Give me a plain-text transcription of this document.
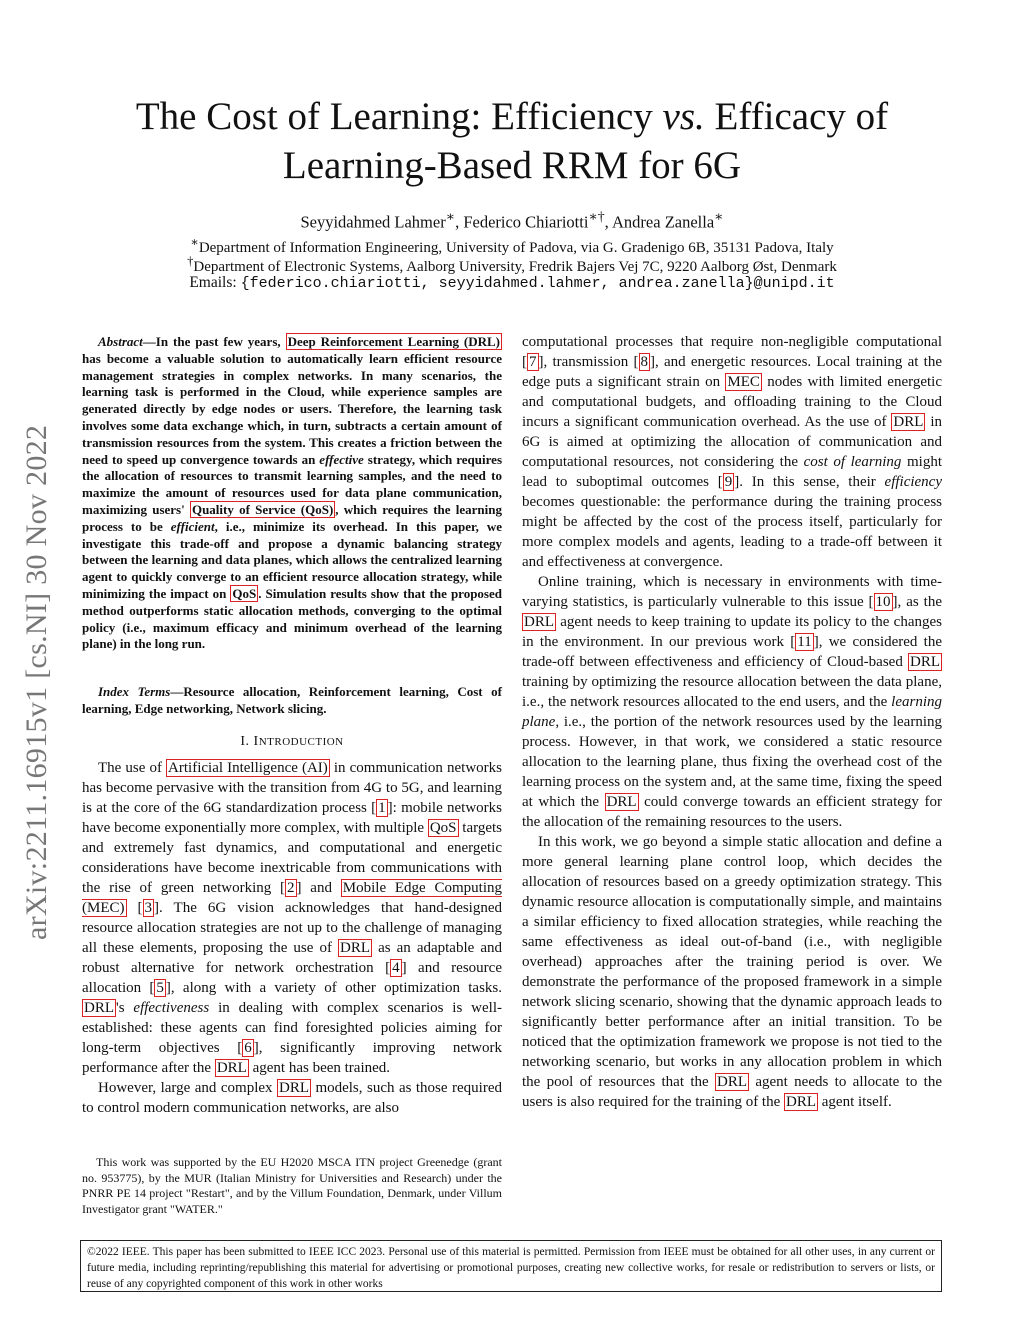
The Cost of Learning: Efficiency vs. Efficacy of
Learning-Based RRM for 6G
Seyyidahmed Lahmer∗, Federico Chiariotti∗†, Andrea Zanella∗
∗Department of Information Engineering, University of Padova, via G. Gradenigo 6B, 35131 Padova, Italy
†Department of Electronic Systems, Aalborg University, Fredrik Bajers Vej 7C, 9220 Aalborg Øst, Denmark
Emails: {federico.chiariotti, seyyidahmed.lahmer, andrea.zanella}@unipd.it
arXiv:2211.16915v1 [cs.NI] 30 Nov 2022

Abstract—In the past few years, Deep Reinforcement Learning (DRL) has become a valuable solution to automatically learn efficient resource management strategies in complex networks. In many scenarios, the learning task is performed in the Cloud, while experience samples are generated directly by edge nodes or users. Therefore, the learning task involves some data exchange which, in turn, subtracts a certain amount of transmission resources from the system. This creates a friction between the need to speed up convergence towards an effective strategy, which requires the allocation of resources to transmit learning samples, and the need to maximize the amount of resources used for data plane communication, maximizing users' Quality of Service (QoS) , which requires the learning process to be efficient, i.e., minimize its overhead. In this paper, we investigate this trade-off and propose a dynamic balancing strategy between the learning and data planes, which allows the centralized learning agent to quickly converge to an efficient resource allocation strategy, while minimizing the impact on QoS . Simulation results show that the proposed method outperforms static allocation methods, converging to the optimal policy (i.e., maximum efficacy and minimum overhead of the learning plane) in the long run.

Index Terms—Resource allocation, Reinforcement learning, Cost of learning, Edge networking, Network slicing.

I. INTRODUCTION

The use of Artificial Intelligence (AI) in communication networks has become pervasive with the transition from 4G to 5G, and learning is at the core of the 6G standardization process [ 1 ]: mobile networks have become exponentially more complex, with multiple QoS targets and extremely fast dynamics, and computational and energetic considerations have become inextricable from communications with the rise of green networking [ 2 ] and Mobile Edge Computing (MEC) [ 3 ]. The 6G vision acknowledges that hand-designed resource allocation strategies are not up to the challenge of managing all these elements, proposing the use of DRL as an adaptable and robust alternative for network orchestration [ 4 ] and resource allocation [ 5 ], along with a variety of other optimization tasks. DRL 's effectiveness in dealing with complex scenarios is well-established: these agents can find foresighted policies aiming for long-term objectives [ 6 ], significantly improving network performance after the DRL agent has been trained.

However, large and complex DRL models, such as those required to control modern communication networks, are also

This work was supported by the EU H2020 MSCA ITN project Greenedge (grant no. 953775), by the MUR (Italian Ministry for Universities and Research) under the PNRR PE 14 project "Restart", and by the Villum Foundation, Denmark, under Villum Investigator grant "WATER."

computational processes that require non-negligible computational [ 7 ], transmission [ 8 ], and energetic resources. Local training at the edge puts a significant strain on MEC nodes with limited energetic and computational budgets, and offloading training to the Cloud incurs a significant communication overhead. As the use of DRL in 6G is aimed at optimizing the allocation of communication and computational resources, not considering the cost of learning might lead to suboptimal outcomes [ 9 ]. In this sense, their efficiency becomes questionable: the performance during the training process might be affected by the cost of the process itself, particularly for more complex models and agents, leading to a trade-off between it and effectiveness at convergence.

Online training, which is necessary in environments with time-varying statistics, is particularly vulnerable to this issue [ 10 ], as the DRL agent needs to keep training to update its policy to the changes in the environment. In our previous work [ 11 ], we considered the trade-off between effectiveness and efficiency of Cloud-based DRL training by optimizing the resource allocation between the data plane, i.e., the network resources allocated to the end users, and the learning plane, i.e., the portion of the network resources used by the learning process. However, in that work, we considered a static resource allocation to the learning plane, thus fixing the overhead cost of the learning process on the system and, at the same time, fixing the speed at which the DRL could converge towards an efficient strategy for the allocation of the remaining resources to the users.

In this work, we go beyond a simple static allocation and define a more general learning plane control loop, which decides the allocation of resources based on a greedy optimization strategy. This dynamic resource allocation is computationally simple, and maintains a similar efficiency to fixed allocation strategies, while reaching the same effectiveness as ideal out-of-band (i.e., with negligible overhead) approaches after the training period is over. We demonstrate the performance of the proposed framework in a simple network slicing scenario, showing that the dynamic approach leads to significantly better performance after an initial transition. To be noticed that the optimization framework we propose is not tied to the networking scenario, but works in any allocation problem in which the pool of resources that the DRL agent needs to allocate to the users is also required for the training of the DRL agent itself.

©2022 IEEE. This paper has been submitted to IEEE ICC 2023. Personal use of this material is permitted. Permission from IEEE must be obtained for all other uses, in any current or future media, including reprinting/republishing this material for advertising or promotional purposes, creating new collective works, for resale or redistribution to servers or lists, or reuse of any copyrighted component of this work in other works
